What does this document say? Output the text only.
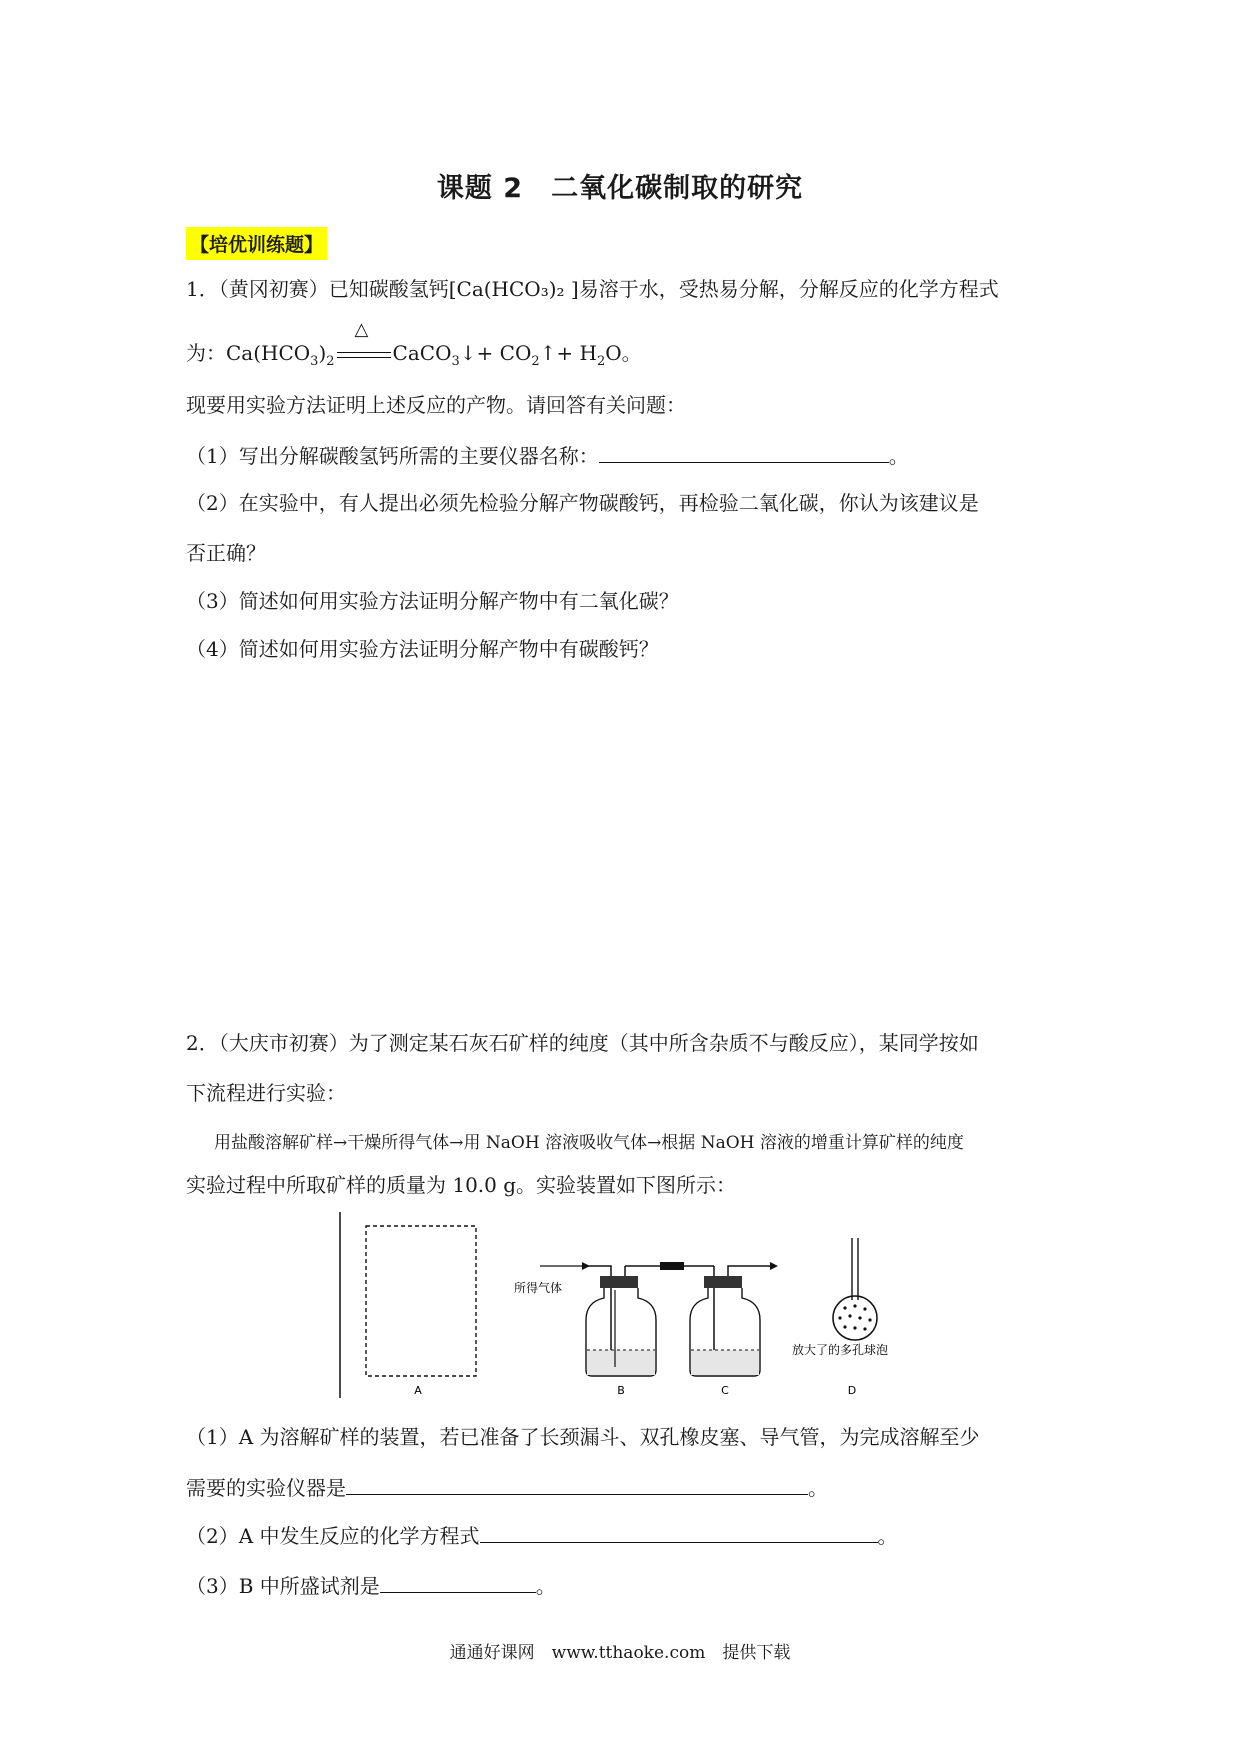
课题 2　二氧化碳制取的研究
【培优训练题】
1．（黄冈初赛）已知碳酸氢钙[Ca(HCO₃)₂ ]易溶于水，受热易分解，分解反应的化学方程式
为：$Ca(HCO_3)_2$
△
CaCO$_3$↓+ $CO_2↑+ H_2O$。
现要用实验方法证明上述反应的产物。请回答有关问题：
（1）写出分解碳酸氢钙所需的主要仪器名称：	。
（2）在实验中，有人提出必须先检验分解产物碳酸钙，再检验二氧化碳，你认为该建议是
否正确？
（3）简述如何用实验方法证明分解产物中有二氧化碳？
（4）简述如何用实验方法证明分解产物中有碳酸钙？
2．（大庆市初赛）为了测定某石灰石矿样的纯度（其中所含杂质不与酸反应），某同学按如
下流程进行实验：
用盐酸溶解矿样→干燥所得气体→用 NaOH 溶液吸收气体→根据 NaOH 溶液的增重计算矿样的纯度
实验过程中所取矿样的质量为 10.0 g。实验装置如下图所示：
A
所得气体
B	C
放大了的多孔球泡
D
（1）A 为溶解矿样的装置，若已准备了长颈漏斗、双孔橡皮塞、导气管，为完成溶解至少
需要的实验仪器是	。
（2）A 中发生反应的化学方程式	。
（3）B 中所盛试剂是	。
通通好课网　www.tthaoke.com　提供下载
